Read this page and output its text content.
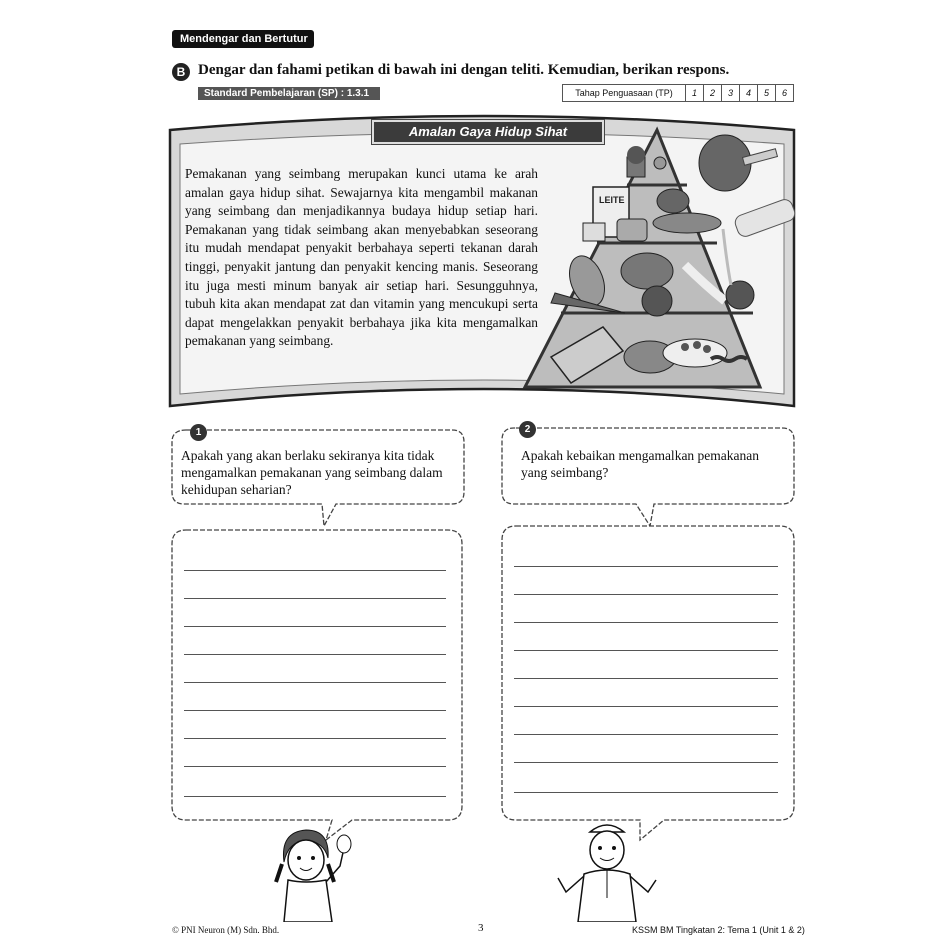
Mendengar dan Bertutur
B Dengar dan fahami petikan di bawah ini dengan teliti. Kemudian, berikan respons.
Standard Pembelajaran (SP) : 1.3.1	Tahap Penguasaan (TP)	1	2	3	4	5	6
Amalan Gaya Hidup Sihat
Pemakanan yang seimbang merupakan kunci utama ke arah amalan gaya hidup sihat. Sewajarnya kita mengambil makanan yang seimbang dan menjadikannya budaya hidup setiap hari. Pemakanan yang tidak seimbang akan menyebabkan seseorang itu mudah mendapat penyakit berbahaya seperti tekanan darah tinggi, penyakit jantung dan penyakit kencing manis. Seseorang itu juga mesti minum banyak air setiap hari. Sesungguhnya, tubuh kita akan mendapat zat dan vitamin yang mencukupi serta dapat mengelakkan penyakit berbahaya jika kita mengamalkan pemakanan yang seimbang.
LEITE
1
Apakah yang akan berlaku sekiranya kita tidak mengamalkan pemakanan yang seimbang dalam kehidupan seharian?
2
Apakah kebaikan mengamalkan pemakanan yang seimbang?
© PNI Neuron (M) Sdn. Bhd.	3	KSSM BM Tingkatan 2: Tema 1 (Unit 1 & 2)
